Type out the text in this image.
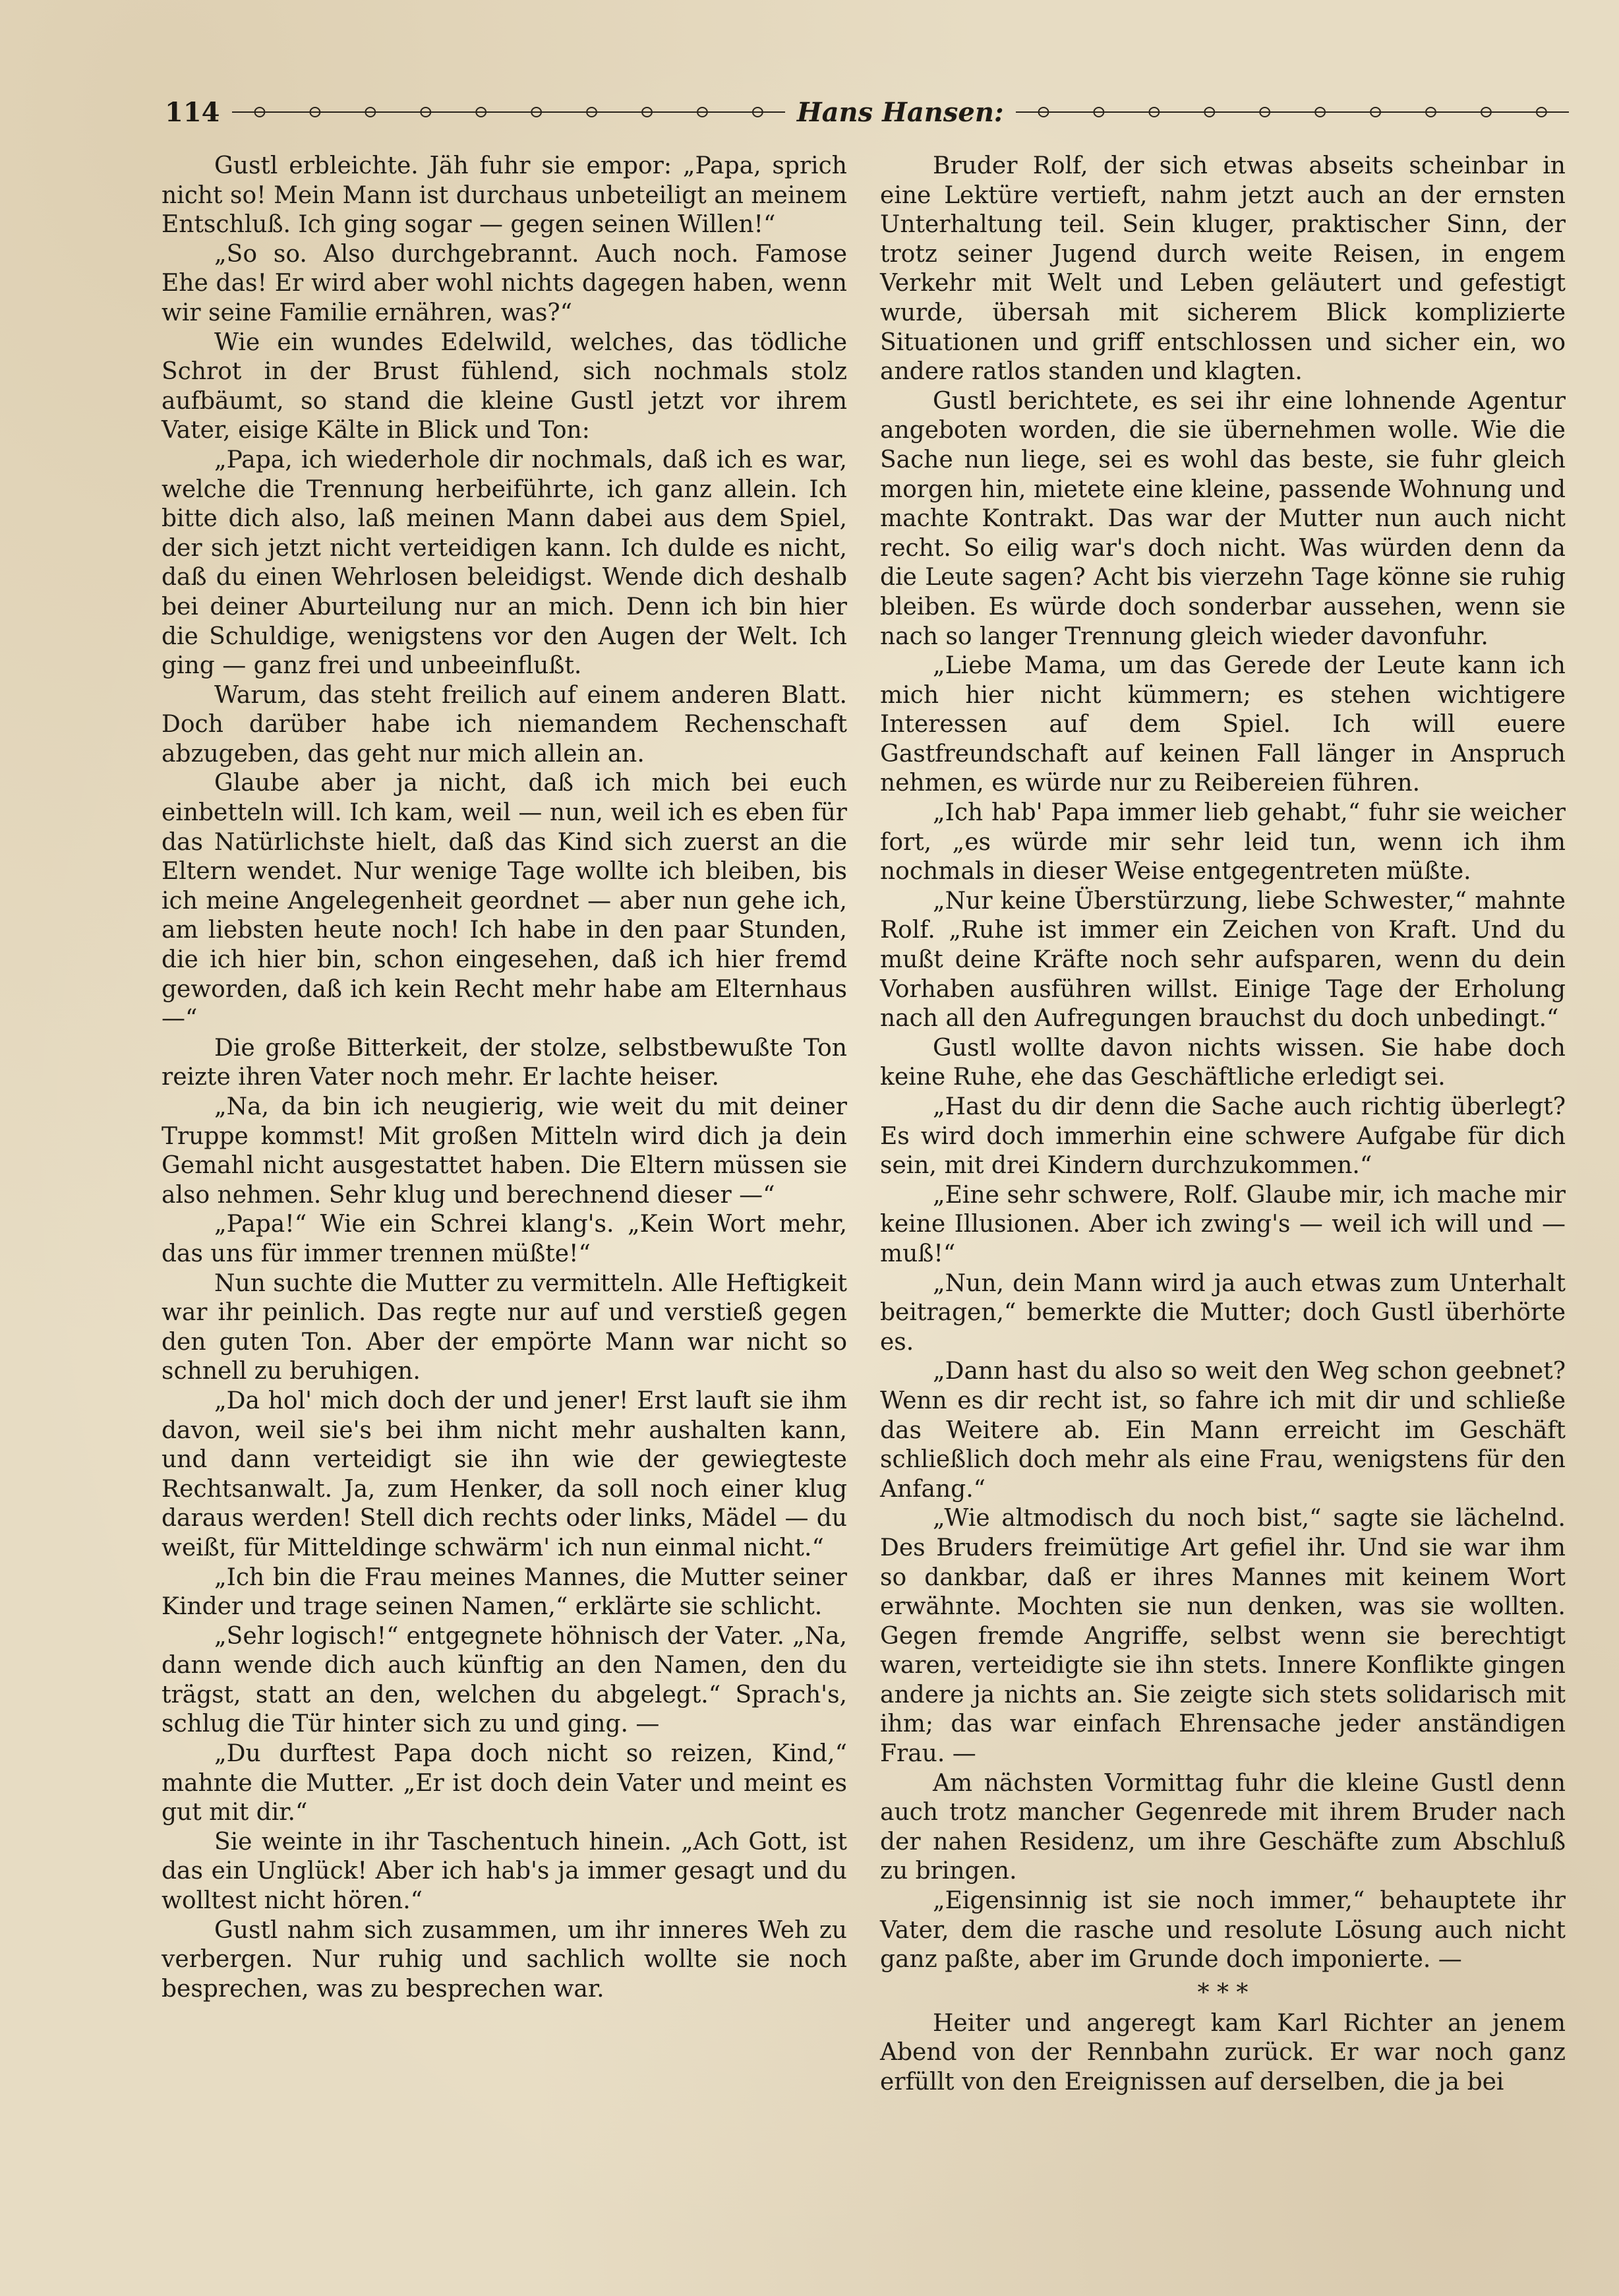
114	Hans Hansen:

Gustl erbleichte. Jäh fuhr sie empor: „Papa, sprich nicht so! Mein Mann ist durchaus unbeteiligt an meinem Entschluß. Ich ging sogar — gegen seinen Willen!“

„So so. Also durchgebrannt. Auch noch. Famose Ehe das! Er wird aber wohl nichts dagegen haben, wenn wir seine Familie ernähren, was?“

Wie ein wundes Edelwild, welches, das tödliche Schrot in der Brust fühlend, sich nochmals stolz aufbäumt, so stand die kleine Gustl jetzt vor ihrem Vater, eisige Kälte in Blick und Ton:

„Papa, ich wiederhole dir nochmals, daß ich es war, welche die Trennung herbeiführte, ich ganz allein. Ich bitte dich also, laß meinen Mann dabei aus dem Spiel, der sich jetzt nicht verteidigen kann. Ich dulde es nicht, daß du einen Wehrlosen beleidigst. Wende dich deshalb bei deiner Aburteilung nur an mich. Denn ich bin hier die Schuldige, wenigstens vor den Augen der Welt. Ich ging — ganz frei und unbeeinflußt.

Warum, das steht freilich auf einem anderen Blatt. Doch darüber habe ich niemandem Rechenschaft abzugeben, das geht nur mich allein an.

Glaube aber ja nicht, daß ich mich bei euch einbetteln will. Ich kam, weil — nun, weil ich es eben für das Natürlichste hielt, daß das Kind sich zuerst an die Eltern wendet. Nur wenige Tage wollte ich bleiben, bis ich meine Angelegenheit geordnet — aber nun gehe ich, am liebsten heute noch! Ich habe in den paar Stunden, die ich hier bin, schon eingesehen, daß ich hier fremd geworden, daß ich kein Recht mehr habe am Elternhaus —“

Die große Bitterkeit, der stolze, selbstbewußte Ton reizte ihren Vater noch mehr. Er lachte heiser.

„Na, da bin ich neugierig, wie weit du mit deiner Truppe kommst! Mit großen Mitteln wird dich ja dein Gemahl nicht ausgestattet haben. Die Eltern müssen sie also nehmen. Sehr klug und berechnend dieser —“

„Papa!“ Wie ein Schrei klang's. „Kein Wort mehr, das uns für immer trennen müßte!“

Nun suchte die Mutter zu vermitteln. Alle Heftigkeit war ihr peinlich. Das regte nur auf und verstieß gegen den guten Ton. Aber der empörte Mann war nicht so schnell zu beruhigen.

„Da hol' mich doch der und jener! Erst lauft sie ihm davon, weil sie's bei ihm nicht mehr aushalten kann, und dann verteidigt sie ihn wie der gewiegteste Rechtsanwalt. Ja, zum Henker, da soll noch einer klug daraus werden! Stell dich rechts oder links, Mädel — du weißt, für Mitteldinge schwärm' ich nun einmal nicht.“

„Ich bin die Frau meines Mannes, die Mutter seiner Kinder und trage seinen Namen,“ erklärte sie schlicht.

„Sehr logisch!“ entgegnete höhnisch der Vater. „Na, dann wende dich auch künftig an den Namen, den du trägst, statt an den, welchen du abgelegt.“ Sprach's, schlug die Tür hinter sich zu und ging. —

„Du durftest Papa doch nicht so reizen, Kind,“ mahnte die Mutter. „Er ist doch dein Vater und meint es gut mit dir.“

Sie weinte in ihr Taschentuch hinein. „Ach Gott, ist das ein Unglück! Aber ich hab's ja immer gesagt und du wolltest nicht hören.“

Gustl nahm sich zusammen, um ihr inneres Weh zu verbergen. Nur ruhig und sachlich wollte sie noch besprechen, was zu besprechen war.

Bruder Rolf, der sich etwas abseits scheinbar in eine Lektüre vertieft, nahm jetzt auch an der ernsten Unterhaltung teil. Sein kluger, praktischer Sinn, der trotz seiner Jugend durch weite Reisen, in engem Verkehr mit Welt und Leben geläutert und gefestigt wurde, übersah mit sicherem Blick komplizierte Situationen und griff entschlossen und sicher ein, wo andere ratlos standen und klagten.

Gustl berichtete, es sei ihr eine lohnende Agentur angeboten worden, die sie übernehmen wolle. Wie die Sache nun liege, sei es wohl das beste, sie fuhr gleich morgen hin, mietete eine kleine, passende Wohnung und machte Kontrakt. Das war der Mutter nun auch nicht recht. So eilig war's doch nicht. Was würden denn da die Leute sagen? Acht bis vierzehn Tage könne sie ruhig bleiben. Es würde doch sonderbar aussehen, wenn sie nach so langer Trennung gleich wieder davonfuhr.

„Liebe Mama, um das Gerede der Leute kann ich mich hier nicht kümmern; es stehen wichtigere Interessen auf dem Spiel. Ich will euere Gastfreundschaft auf keinen Fall länger in Anspruch nehmen, es würde nur zu Reibereien führen.

„Ich hab' Papa immer lieb gehabt,“ fuhr sie weicher fort, „es würde mir sehr leid tun, wenn ich ihm nochmals in dieser Weise entgegentreten müßte.

„Nur keine Überstürzung, liebe Schwester,“ mahnte Rolf. „Ruhe ist immer ein Zeichen von Kraft. Und du mußt deine Kräfte noch sehr aufsparen, wenn du dein Vorhaben ausführen willst. Einige Tage der Erholung nach all den Aufregungen brauchst du doch unbedingt.“

Gustl wollte davon nichts wissen. Sie habe doch keine Ruhe, ehe das Geschäftliche erledigt sei.

„Hast du dir denn die Sache auch richtig überlegt? Es wird doch immerhin eine schwere Aufgabe für dich sein, mit drei Kindern durchzukommen.“

„Eine sehr schwere, Rolf. Glaube mir, ich mache mir keine Illusionen. Aber ich zwing's — weil ich will und — muß!“

„Nun, dein Mann wird ja auch etwas zum Unterhalt beitragen,“ bemerkte die Mutter; doch Gustl überhörte es.

„Dann hast du also so weit den Weg schon geebnet? Wenn es dir recht ist, so fahre ich mit dir und schließe das Weitere ab. Ein Mann erreicht im Geschäft schließlich doch mehr als eine Frau, wenigstens für den Anfang.“

„Wie altmodisch du noch bist,“ sagte sie lächelnd. Des Bruders freimütige Art gefiel ihr. Und sie war ihm so dankbar, daß er ihres Mannes mit keinem Wort erwähnte. Mochten sie nun denken, was sie wollten. Gegen fremde Angriffe, selbst wenn sie berechtigt waren, verteidigte sie ihn stets. Innere Konflikte gingen andere ja nichts an. Sie zeigte sich stets solidarisch mit ihm; das war einfach Ehrensache jeder anständigen Frau. —

Am nächsten Vormittag fuhr die kleine Gustl denn auch trotz mancher Gegenrede mit ihrem Bruder nach der nahen Residenz, um ihre Geschäfte zum Abschluß zu bringen.

„Eigensinnig ist sie noch immer,“ behauptete ihr Vater, dem die rasche und resolute Lösung auch nicht ganz paßte, aber im Grunde doch imponierte. —

* * *

Heiter und angeregt kam Karl Richter an jenem Abend von der Rennbahn zurück. Er war noch ganz erfüllt von den Ereignissen auf derselben, die ja bei
